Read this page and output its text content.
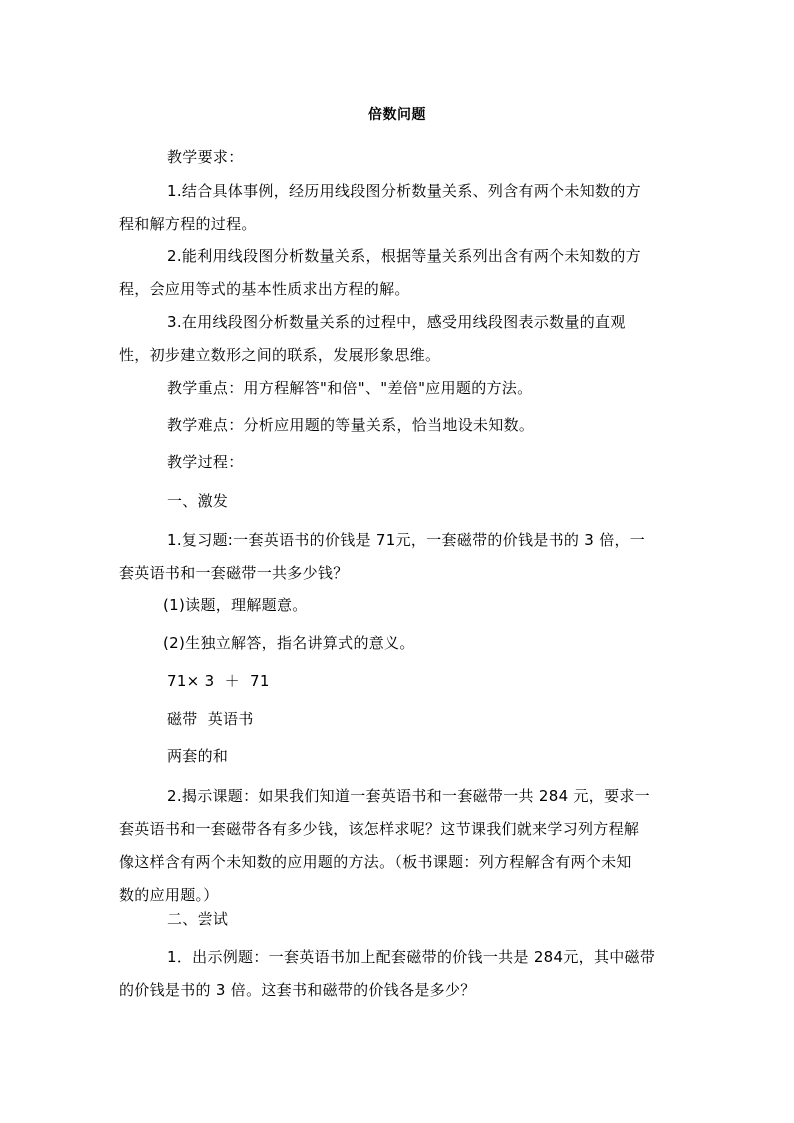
倍数问题
教学要求：
1.结合具体事例，经历用线段图分析数量关系、列含有两个未知数的方
程和解方程的过程。
2.能利用线段图分析数量关系，根据等量关系列出含有两个未知数的方
程，会应用等式的基本性质求出方程的解。
3.在用线段图分析数量关系的过程中，感受用线段图表示数量的直观
性，初步建立数形之间的联系，发展形象思维。
教学重点：用方程解答"和倍"、"差倍"应用题的方法。
教学难点：分析应用题的等量关系，恰当地设未知数。
教学过程：
一、激发
1.复习题:一套英语书的价钱是 71元，一套磁带的价钱是书的 3 倍，一
套英语书和一套磁带一共多少钱？
(1)读题，理解题意。
(2)生独立解答，指名讲算式的意义。
71× 3  ＋  71
磁带  英语书
两套的和
2.揭示课题：如果我们知道一套英语书和一套磁带一共 284 元，要求一
套英语书和一套磁带各有多少钱，该怎样求呢？这节课我们就来学习列方程解
像这样含有两个未知数的应用题的方法。（板书课题：列方程解含有两个未知
数的应用题。）
二、尝试
1．出示例题：一套英语书加上配套磁带的价钱一共是 284元，其中磁带
的价钱是书的 3 倍。这套书和磁带的价钱各是多少？
